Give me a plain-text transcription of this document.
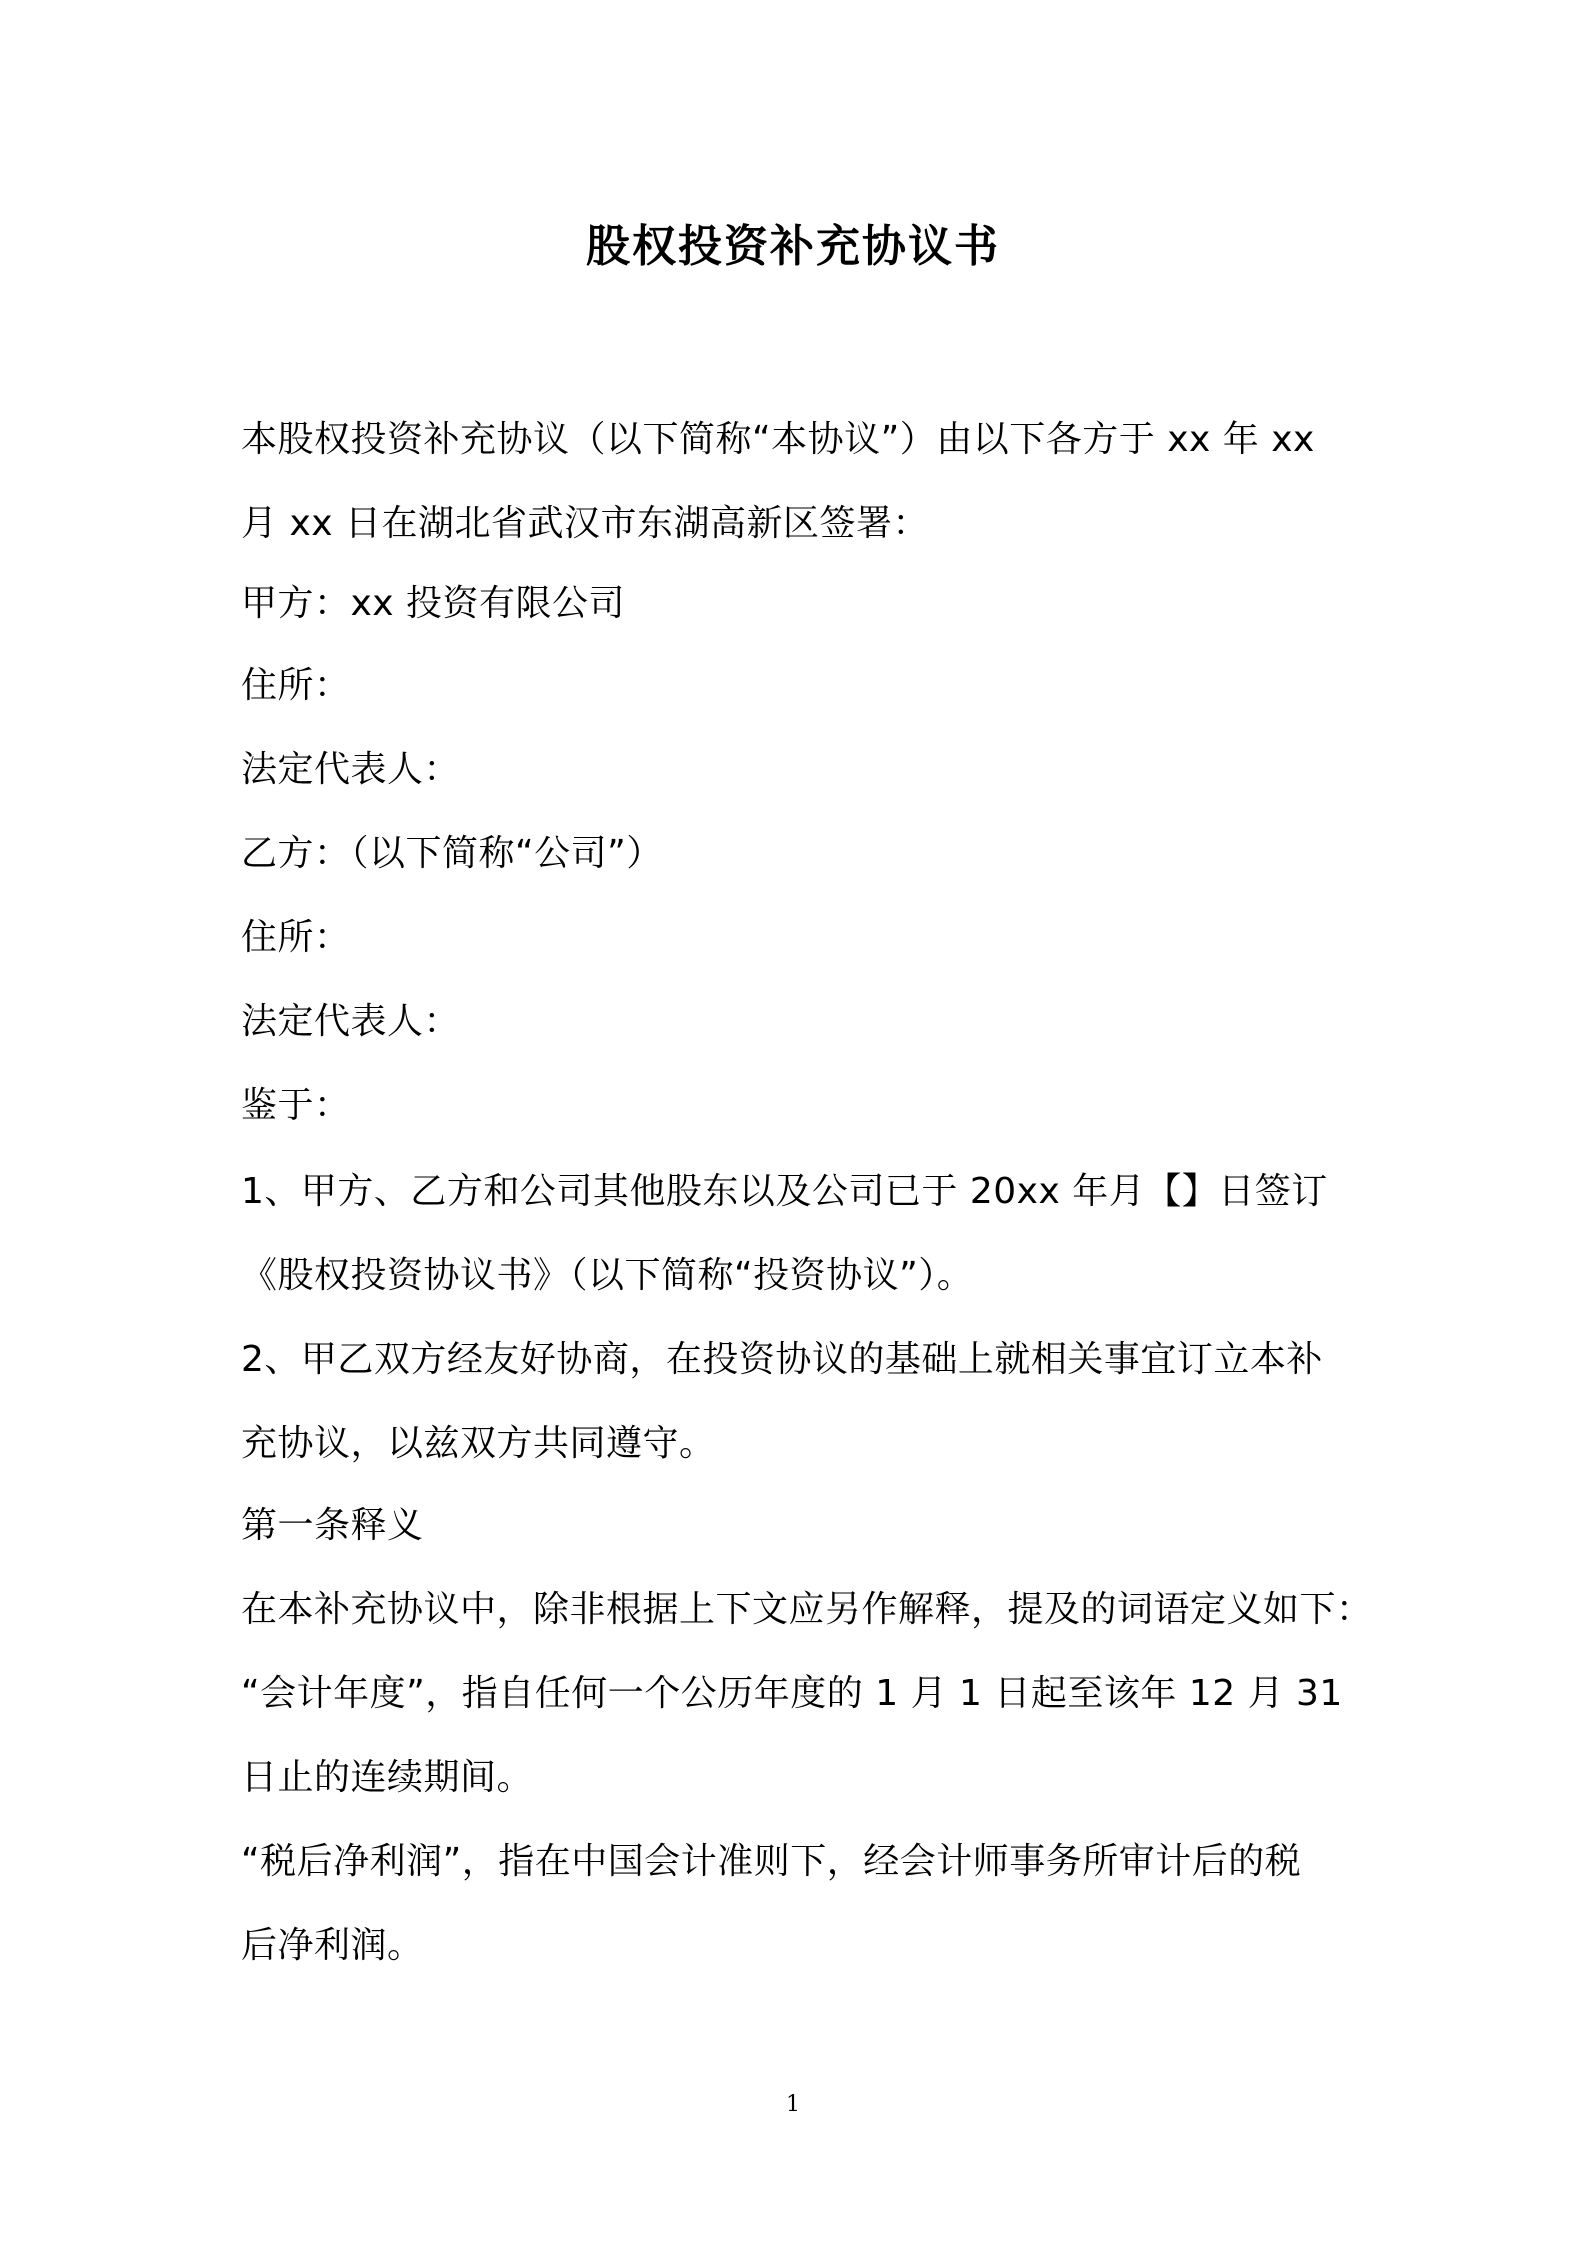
股权投资补充协议书
本股权投资补充协议（以下简称“本协议”）由以下各方于 xx 年 xx
月 xx 日在湖北省武汉市东湖高新区签署：
甲方：xx 投资有限公司
住所：
法定代表人：
乙方：（以下简称“公司”）
住所：
法定代表人：
鉴于：
1、甲方、乙方和公司其他股东以及公司已于 20xx 年月【】日签订
《股权投资协议书》（以下简称“投资协议”）。
2、甲乙双方经友好协商，在投资协议的基础上就相关事宜订立本补
充协议，以兹双方共同遵守。
第一条释义
在本补充协议中，除非根据上下文应另作解释，提及的词语定义如下：
“会计年度”，指自任何一个公历年度的 1 月 1 日起至该年 12 月 31
日止的连续期间。
“税后净利润”，指在中国会计准则下，经会计师事务所审计后的税
后净利润。
1
